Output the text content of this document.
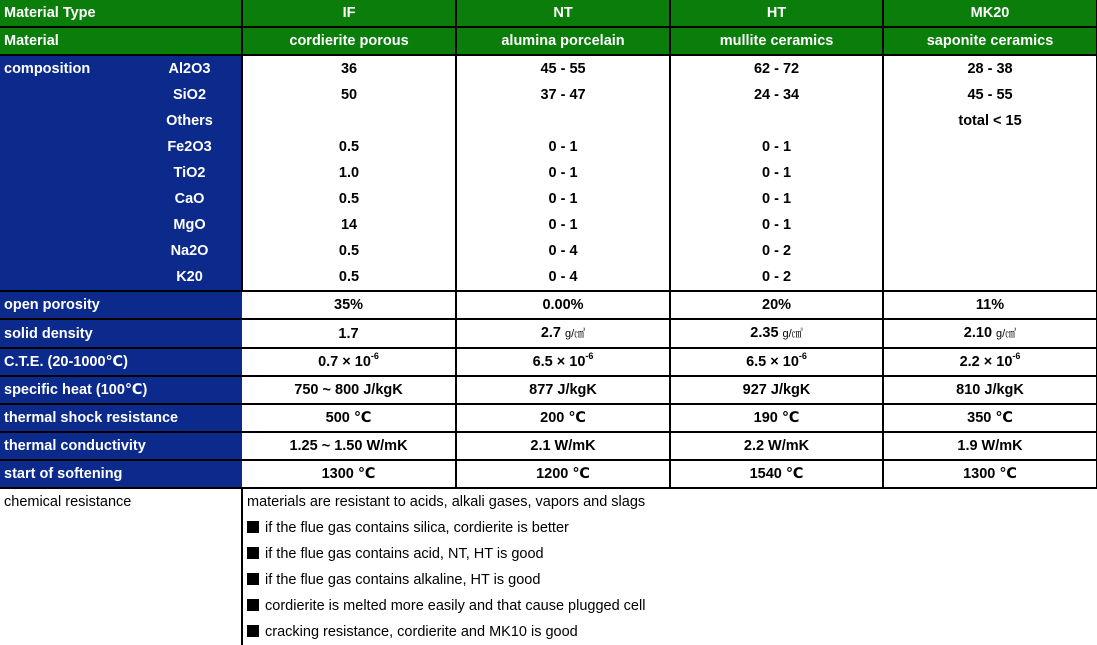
Material Type		IF	NT	HT	MK20
Material		cordierite porous	alumina porcelain	mullite ceramics	saponite ceramics
composition	Al2O3	36	45 - 55	62 - 72	28 - 38
	SiO2	50	37 - 47	24 - 34	45 - 55
	Others				total < 15
	Fe2O3	0.5	0 - 1	0 - 1	
	TiO2	1.0	0 - 1	0 - 1	
	CaO	0.5	0 - 1	0 - 1	
	MgO	14	0 - 1	0 - 1	
	Na2O	0.5	0 - 4	0 - 2	
	K20	0.5	0 - 4	0 - 2	
open porosity		35%	0.00%	20%	11%
solid density		1.7	2.7 g/㎤	2.35 g/㎤	2.10 g/㎤
C.T.E. (20-1000℃)		$0.7 \times 10^{-6}$	$6.5 \times 10^{-6}$	$6.5 \times 10^{-6}$	$2.2 \times 10^{-6}$
specific heat (100℃)		750 ~ 800 J/kgK	877 J/kgK	927 J/kgK	810 J/kgK
thermal shock resistance		500 ℃	200 ℃	190 ℃	350 ℃
thermal conductivity		1.25 ~ 1.50 W/mK	2.1 W/mK	2.2 W/mK	1.9 W/mK
start of softening		1300 ℃	1200 ℃	1540 ℃	1300 ℃
chemical resistance		materials are resistant to acids, alkali gases, vapors and slags			
		if the flue gas contains silica, cordierite is better			
		if the flue gas contains acid, NT, HT is good			
		if the flue gas contains alkaline, HT is good			
		cordierite is melted more easily and that cause plugged cell			
		cracking resistance, cordierite and MK10 is good			
